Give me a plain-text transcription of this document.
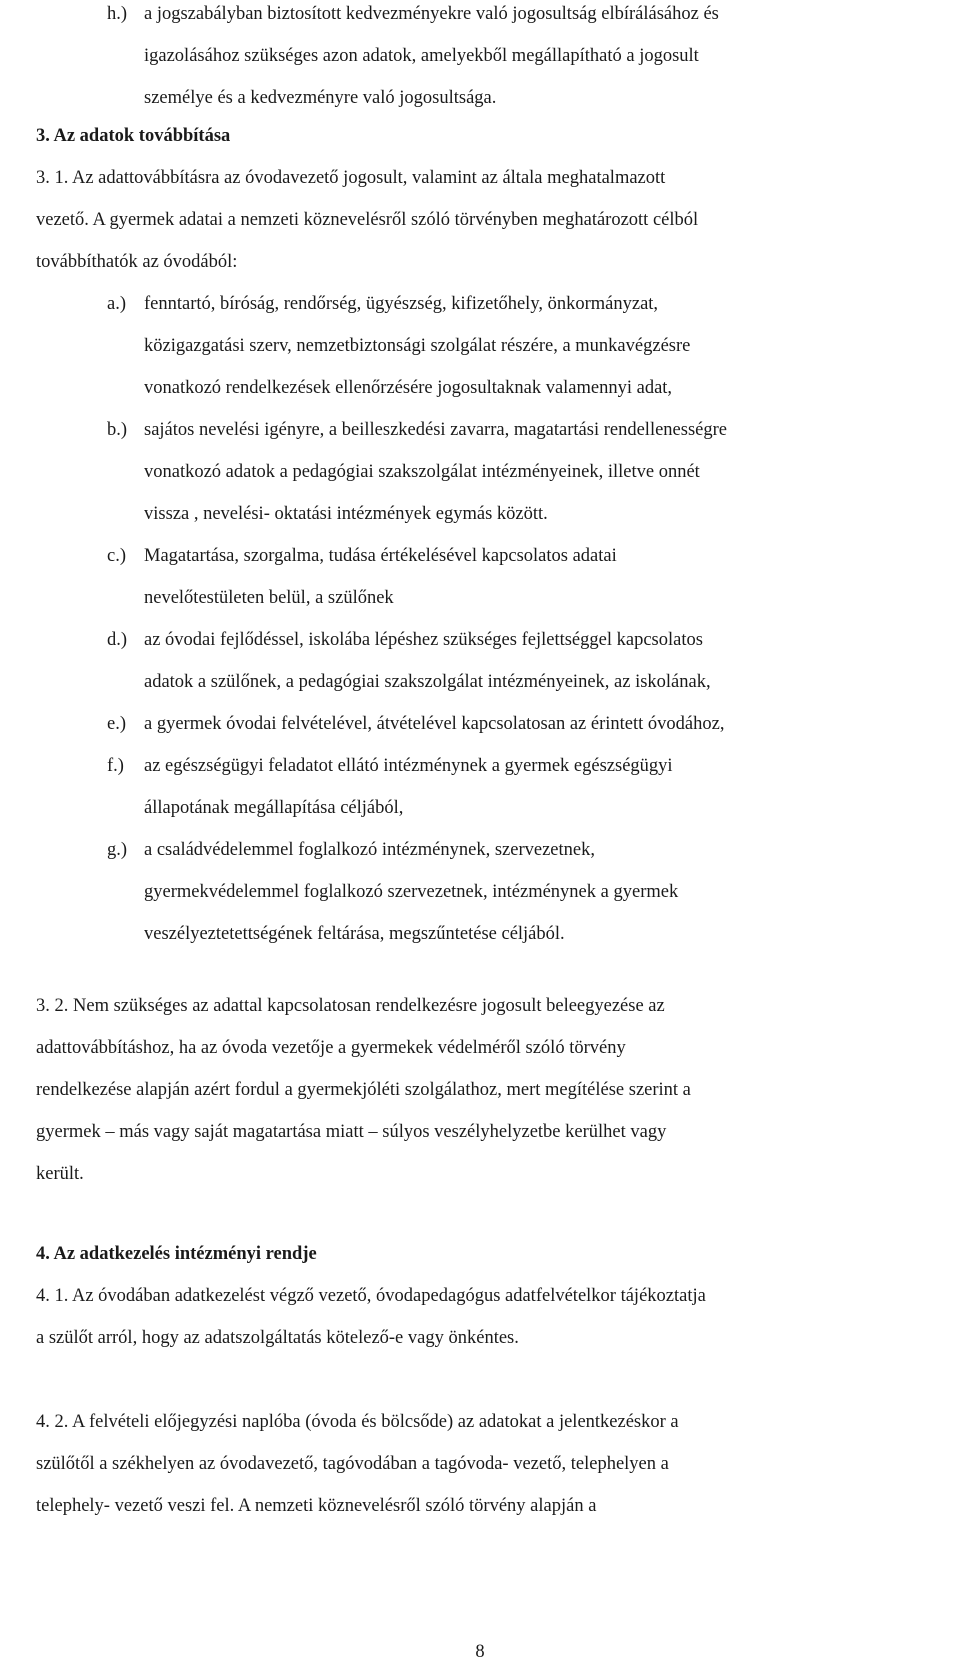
h.) a jogszabályban biztosított kedvezményekre való jogosultság elbírálásához és
igazolásához szükséges azon adatok, amelyekből megállapítható a jogosult
személye és a kedvezményre való jogosultsága.
3. Az adatok továbbítása
3. 1. Az adattovábbításra az óvodavezető jogosult, valamint az általa meghatalmazott
vezető. A gyermek adatai a nemzeti köznevelésről szóló törvényben meghatározott célból
továbbíthatók az óvodából:
a.) fenntartó, bíróság, rendőrség, ügyészség, kifizetőhely, önkormányzat,
közigazgatási szerv, nemzetbiztonsági szolgálat részére, a munkavégzésre
vonatkozó rendelkezések ellenőrzésére jogosultaknak valamennyi adat,
b.) sajátos nevelési igényre, a beilleszkedési zavarra, magatartási rendellenességre
vonatkozó adatok a pedagógiai szakszolgálat intézményeinek, illetve onnét
vissza , nevelési- oktatási intézmények egymás között.
c.) Magatartása, szorgalma, tudása értékelésével kapcsolatos adatai
nevelőtestületen belül, a szülőnek
d.) az óvodai fejlődéssel, iskolába lépéshez szükséges fejlettséggel kapcsolatos
adatok a szülőnek, a pedagógiai szakszolgálat intézményeinek, az iskolának,
e.) a gyermek óvodai felvételével, átvételével kapcsolatosan az érintett óvodához,
f.) az egészségügyi feladatot ellátó intézménynek a gyermek egészségügyi
állapotának megállapítása céljából,
g.) a családvédelemmel foglalkozó intézménynek, szervezetnek,
gyermekvédelemmel foglalkozó szervezetnek, intézménynek a gyermek
veszélyeztetettségének feltárása, megszűntetése céljából.
3. 2. Nem szükséges az adattal kapcsolatosan rendelkezésre jogosult beleegyezése az
adattovábbításhoz, ha az óvoda vezetője a gyermekek védelméről szóló törvény
rendelkezése alapján azért fordul a gyermekjóléti szolgálathoz, mert megítélése szerint a
gyermek – más vagy saját magatartása miatt – súlyos veszélyhelyzetbe kerülhet vagy
került.
4. Az adatkezelés intézményi rendje
4. 1. Az óvodában adatkezelést végző vezető, óvodapedagógus adatfelvételkor tájékoztatja
a szülőt arról, hogy az adatszolgáltatás kötelező-e vagy önkéntes.
4. 2. A felvételi előjegyzési naplóba (óvoda és bölcsőde) az adatokat a jelentkezéskor a
szülőtől a székhelyen az óvodavezető, tagóvodában a tagóvoda- vezető, telephelyen a
telephely- vezető veszi fel. A nemzeti köznevelésről szóló törvény alapján a
8
